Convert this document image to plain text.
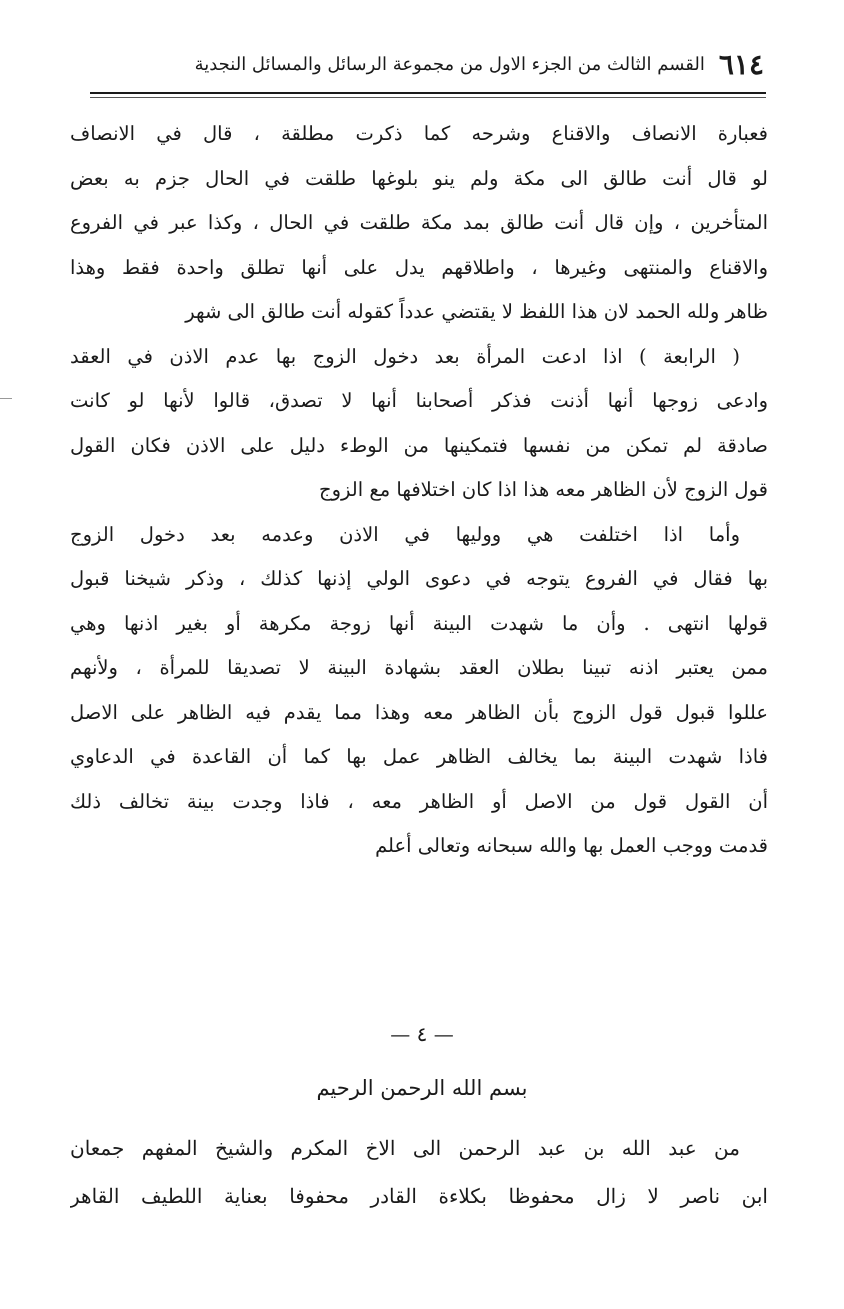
٦١٤
القسم الثالث من الجزء الاول من مجموعة الرسائل والمسائل النجدية
فعبارة الانصاف والاقناع وشرحه كما ذكرت مطلقة ، قال في الانصاف
لو قال أنت طالق الى مكة ولم ينو بلوغها طلقت في الحال جزم به بعض
المتأخرين ، وإن قال أنت طالق بمد مكة طلقت في الحال ، وكذا عبر في الفروع
والاقناع والمنتهى وغيرها ، واطلاقهم يدل على أنها تطلق واحدة فقط وهذا
ظاهر ولله الحمد لان هذا اللفظ لا يقتضي عدداً كقوله أنت طالق الى شهر
( الرابعة ) اذا ادعت المرأة بعد دخول الزوج بها عدم الاذن في العقد
وادعى زوجها أنها أذنت فذكر أصحابنا أنها لا تصدق، قالوا لأنها لو كانت
صادقة لم تمكن من نفسها فتمكينها من الوطء دليل على الاذن فكان القول
قول الزوج لأن الظاهر معه هذا اذا كان اختلافها مع الزوج
وأما اذا اختلفت هي ووليها في الاذن وعدمه بعد دخول الزوج
بها فقال في الفروع يتوجه في دعوى الولي إذنها كذلك ، وذكر شيخنا قبول
قولها انتهى . وأن ما شهدت البينة أنها زوجة مكرهة أو بغير اذنها وهي
ممن يعتبر اذنه تبينا بطلان العقد بشهادة البينة لا تصديقا للمرأة ، ولأنهم
عللوا قبول قول الزوج بأن الظاهر معه وهذا مما يقدم فيه الظاهر على الاصل
فاذا شهدت البينة بما يخالف الظاهر عمل بها كما أن القاعدة في الدعاوي
أن القول قول من الاصل أو الظاهر معه ، فاذا وجدت بينة تخالف ذلك
قدمت ووجب العمل بها والله سبحانه وتعالى أعلم
— ٤ —
بسم الله الرحمن الرحيم
من عبد الله بن عبد الرحمن الى الاخ المكرم والشيخ المفهم جمعان
ابن ناصر لا زال محفوظا بكلاءة القادر محفوفا بعناية اللطيف القاهر
